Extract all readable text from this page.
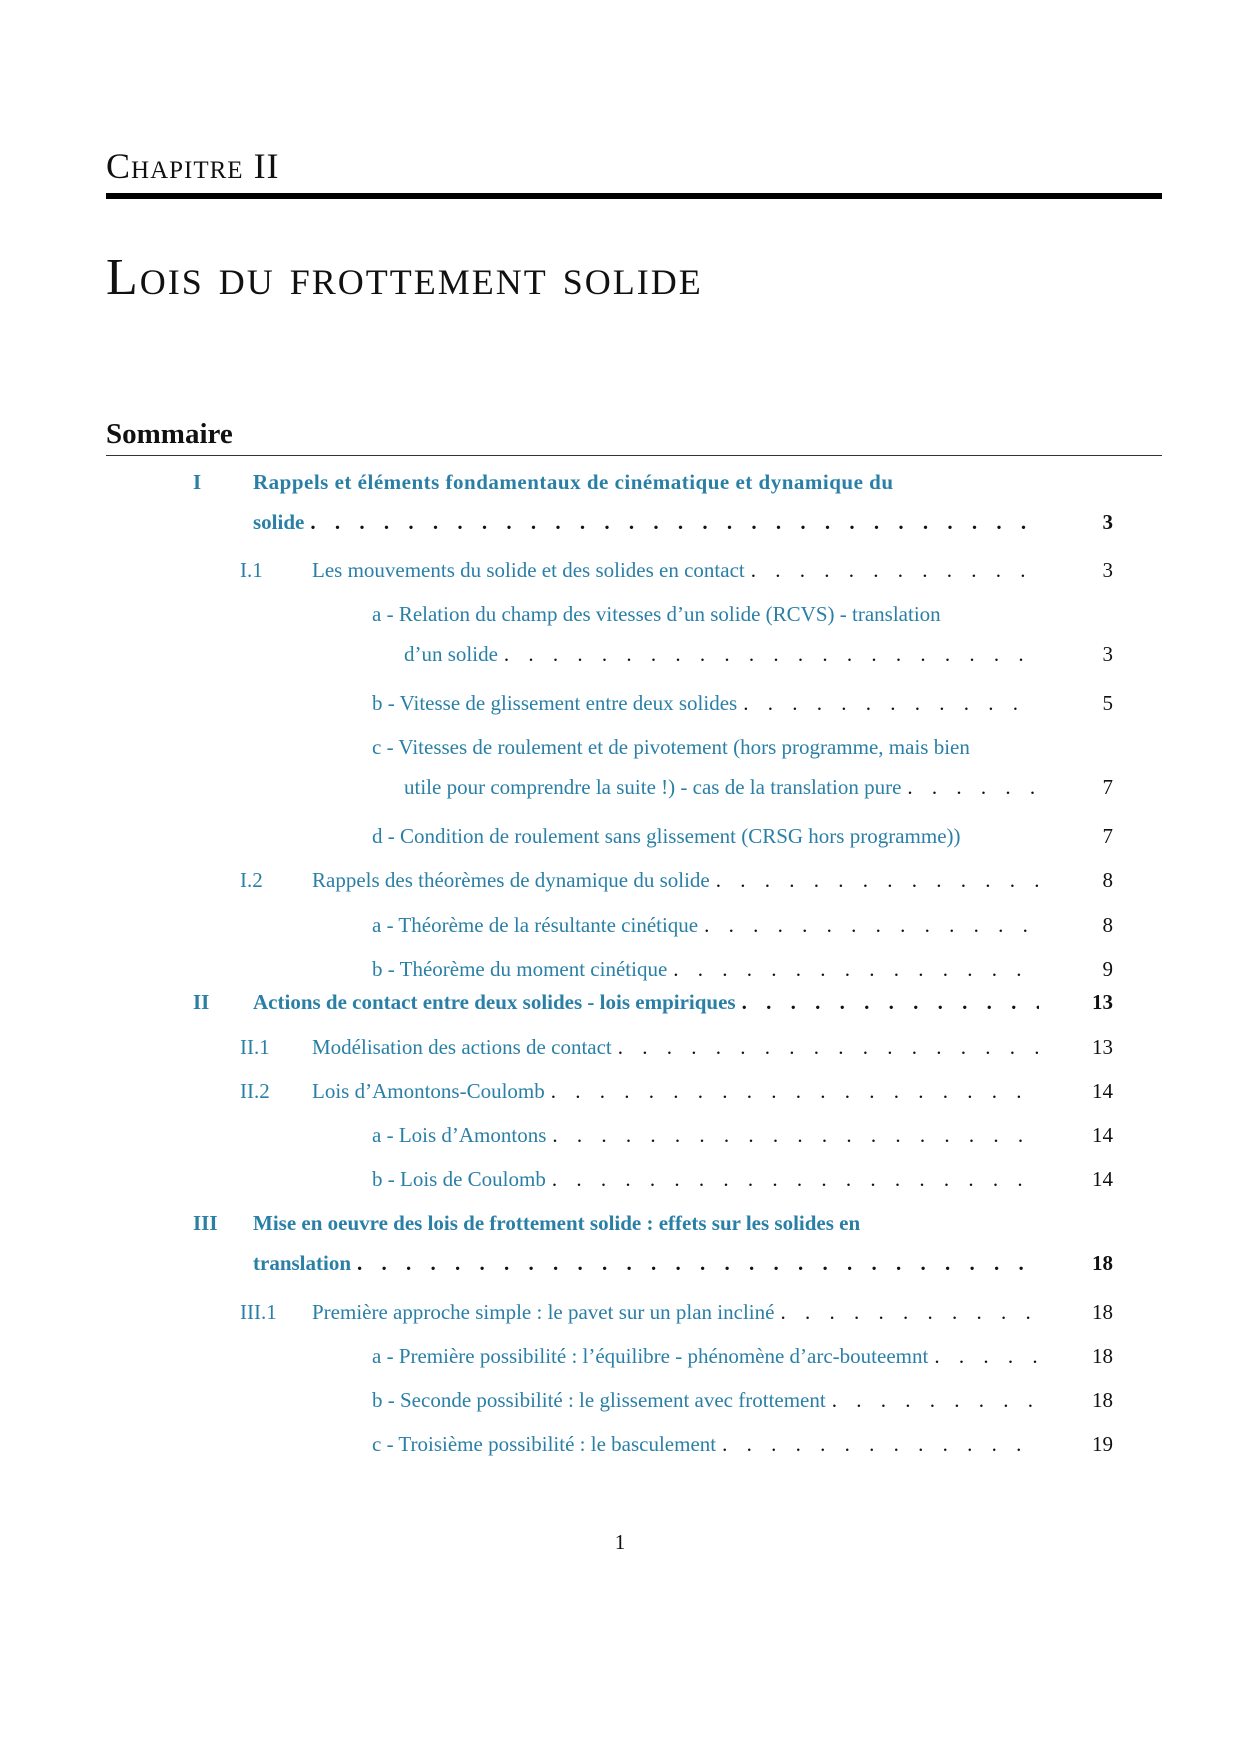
Chapitre II
Lois du frottement solide
Sommaire
I Rappels et éléments fondamentaux de cinématique et dynamique du
solide . . .	3
I.1 Les mouvements du solide et des solides en contact . . .	3
a - Relation du champ des vitesses d’un solide (RCVS) - translation
d’un solide . . .	3
b - Vitesse de glissement entre deux solides . . .	5
c - Vitesses de roulement et de pivotement (hors programme, mais bien
utile pour comprendre la suite !) - cas de la translation pure . . .	7
d - Condition de roulement sans glissement (CRSG hors programme))	7
I.2 Rappels des théorèmes de dynamique du solide . . .	8
a - Théorème de la résultante cinétique . . .	8
b - Théorème du moment cinétique . . .	9
II Actions de contact entre deux solides - lois empiriques . . .	13
II.1 Modélisation des actions de contact . . .	13
II.2 Lois d’Amontons-Coulomb . . .	14
a - Lois d’Amontons . . .	14
b - Lois de Coulomb . . .	14
III Mise en oeuvre des lois de frottement solide : effets sur les solides en
translation . . .	18
III.1 Première approche simple : le pavet sur un plan incliné . . .	18
a - Première possibilité : l’équilibre - phénomène d’arc-bouteemnt . . .	18
b - Seconde possibilité : le glissement avec frottement . . .	18
c - Troisième possibilité : le basculement . . .	19
1
